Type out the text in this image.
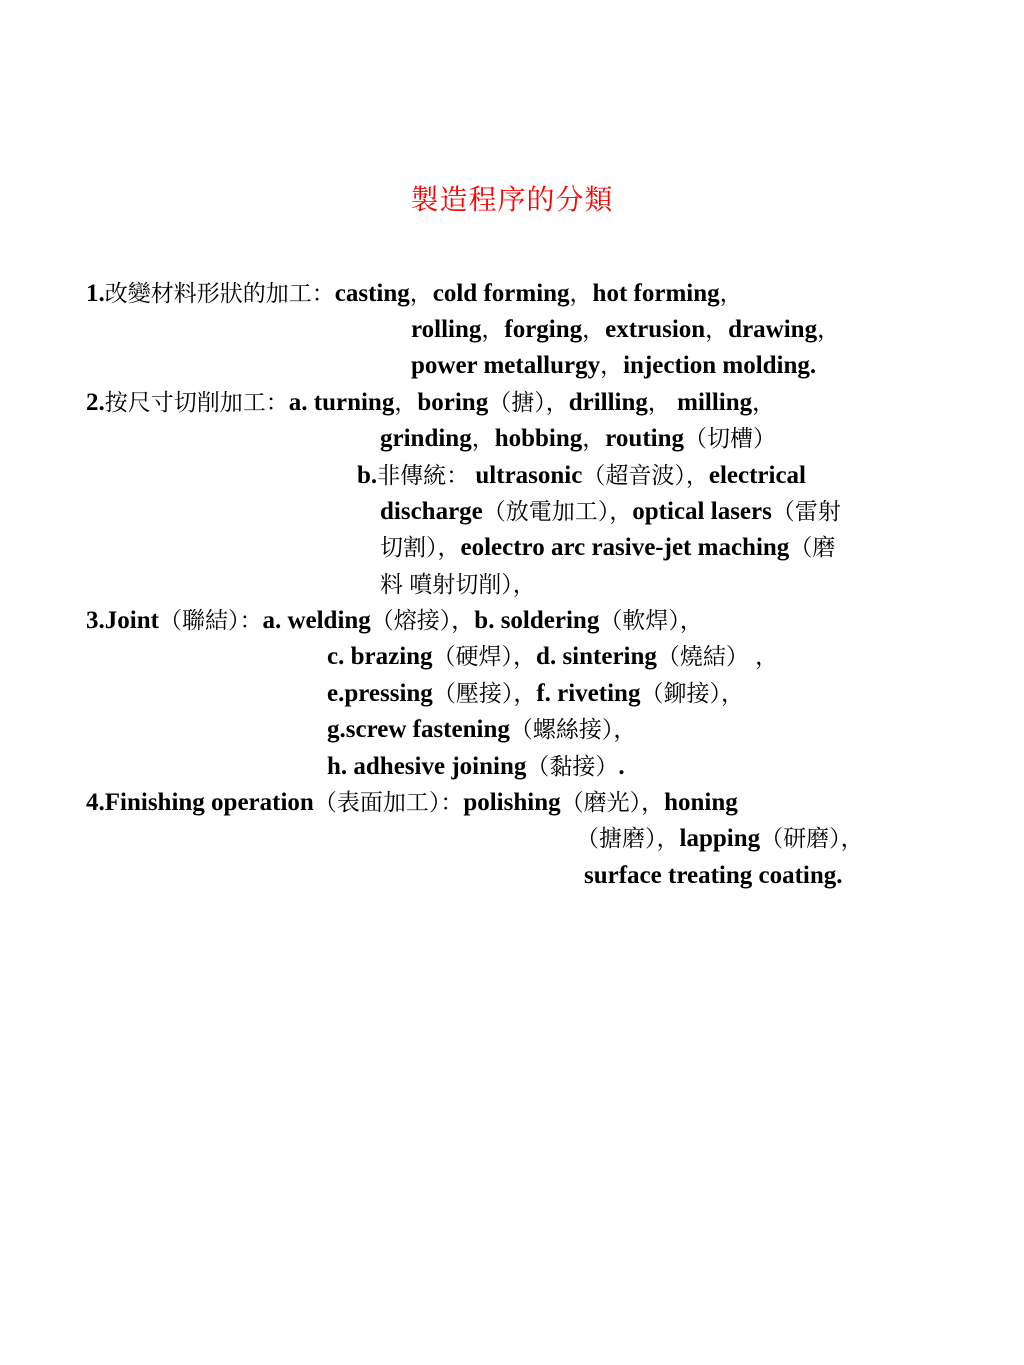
製造程序的分類
1.改變材料形狀的加工：casting，cold forming，hot forming，
rolling，forging，extrusion，drawing，
power metallurgy，injection molding.
2.按尺寸切削加工：a. turning，boring（搪），drilling， milling，
grinding，hobbing，routing（切槽）
b.非傳統： ultrasonic（超音波），electrical
discharge（放電加工），optical lasers（雷射
切割），eolectro arc rasive-jet maching（磨
料 噴射切削），
3.Joint（聯結）：a. welding（熔接），b. soldering（軟焊），
c. brazing（硬焊），d. sintering（燒結） ，
e.pressing（壓接），f. riveting（鉚接），
g.screw fastening（螺絲接），
h. adhesive joining（黏接）.
4.Finishing operation（表面加工）：polishing（磨光），honing
（搪磨），lapping（研磨），
surface treating coating.
